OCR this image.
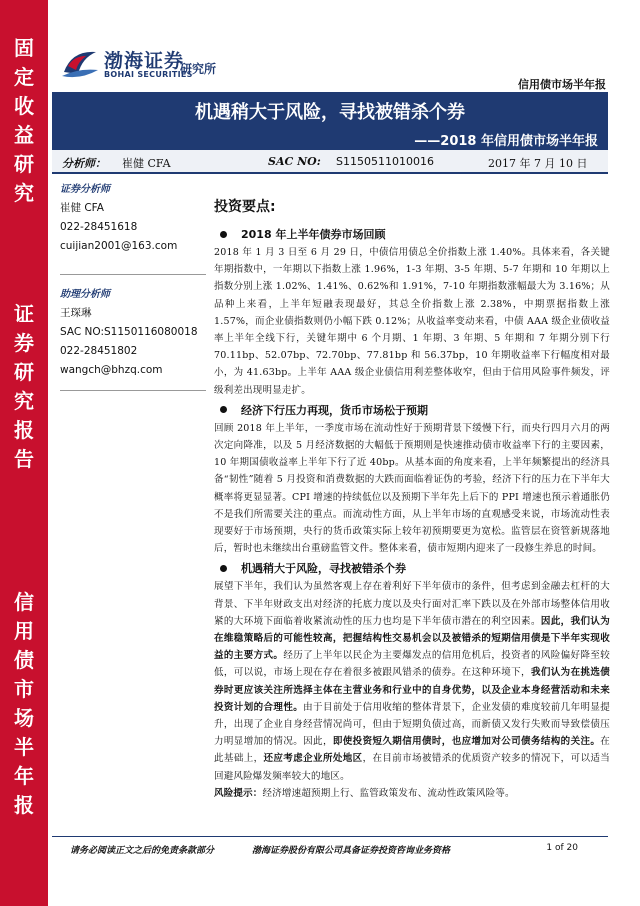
固
定
收
益
研
究
证
券
研
究
报
告
信
用
债
市
场
半
年
报
渤海证券
BOHAI SECURITIES
研究所
信用债市场半年报
机遇稍大于风险，寻找被错杀个券
——2018 年信用债市场半年报
分析师： 崔健 CFA	SAC NO: S1150511010016	2017 年 7 月 10 日
证券分析师
崔健 CFA
022-28451618
cuijian2001@163.com
助理分析师
王琛琳
SAC NO:S1150116080018
022-28451802
wangch@bhzq.com
投资要点:
2018 年上半年债券市场回顾

2018 年 1 月 3 日至 6 月 29 日，中债信用债总全价指数上涨 1.40%。具体来看，各关键年期指数中，一年期以下指数上涨 1.96%，1-3 年期、3-5 年期、5-7 年期和 10 年期以上指数分别上涨 1.02%、1.41%、0.62%和 1.91%，7-10 年期指数涨幅最大为 3.16%；从品种上来看，上半年短融表现最好，其总全价指数上涨 2.38%，中期票据指数上涨 1.57%，而企业债指数则仍小幅下跌 0.12%；从收益率变动来看，中债 AAA 级企业债收益率上半年全线下行，关键年期中 6 个月期、1 年期、3 年期、5 年期和 7 年期分别下行 70.11bp、52.07bp、72.70bp、77.81bp 和 56.37bp，10 年期收益率下行幅度相对最小，为 41.63bp。上半年 AAA 级企业债信用利差整体收窄，但由于信用风险事件频发，评级利差出现明显走扩。

经济下行压力再现，货币市场松于预期

回顾 2018 年上半年，一季度市场在流动性好于预期背景下缓慢下行，而央行四月六月的两次定向降准，以及 5 月经济数据的大幅低于预期则是快速推动债市收益率下行的主要因素，10 年期国债收益率上半年下行了近 40bp。从基本面的角度来看，上半年频繁提出的经济具备“韧性”随着 5 月投资和消费数据的大跌而面临着证伪的考验，经济下行的压力在下半年大概率将更显显著。CPI 增速的持续低位以及预期下半年先上后下的 PPI 增速也预示着通胀仍不是我们所需要关注的重点。而流动性方面，从上半年市场的直观感受来说，市场流动性表现要好于市场预期，央行的货币政策实际上较年初预期要更为宽松。监管层在资管新规落地后，暂时也未继续出台重磅监管文件。整体来看，债市短期内迎来了一段修生养息的时间。

机遇稍大于风险，寻找被错杀个券

展望下半年，我们认为虽然客观上存在着利好下半年债市的条件，但考虑到金融去杠杆的大背景、下半年财政支出对经济的托底力度以及央行面对汇率下跌以及在外部市场整体信用收紧的大环境下面临着收紧流动性的压力也均是下半年债市潜在的利空因素。因此，我们认为在维稳策略后的可能性较高，把握结构性交易机会以及被错杀的短期信用债是下半年实现收益的主要方式。经历了上半年以民企为主要爆发点的信用危机后，投资者的风险偏好降至较低，可以说，市场上现在存在着很多被跟风错杀的债券。在这种环境下，我们认为在挑选债券时更应该关注所选择主体在主营业务和行业中的自身优势，以及企业本身经营活动和未来投资计划的合理性。由于目前处于信用收缩的整体背景下，企业发债的难度较前几年明显提升，出现了企业自身经营情况尚可，但由于短期负债过高，而新债又发行失败而导致偿债压力明显增加的情况。因此，即使投资短久期信用债时，也应增加对公司债务结构的关注。在此基础上，还应考虑企业所处地区，在目前市场被错杀的优质资产较多的情况下，可以适当回避风险爆发频率较大的地区。

风险提示：经济增速超预期上行、监管政策发布、流动性政策风险等。

请务必阅读正文之后的免责条款部分	渤海证券股份有限公司具备证券投资咨询业务资格	1 of 20
